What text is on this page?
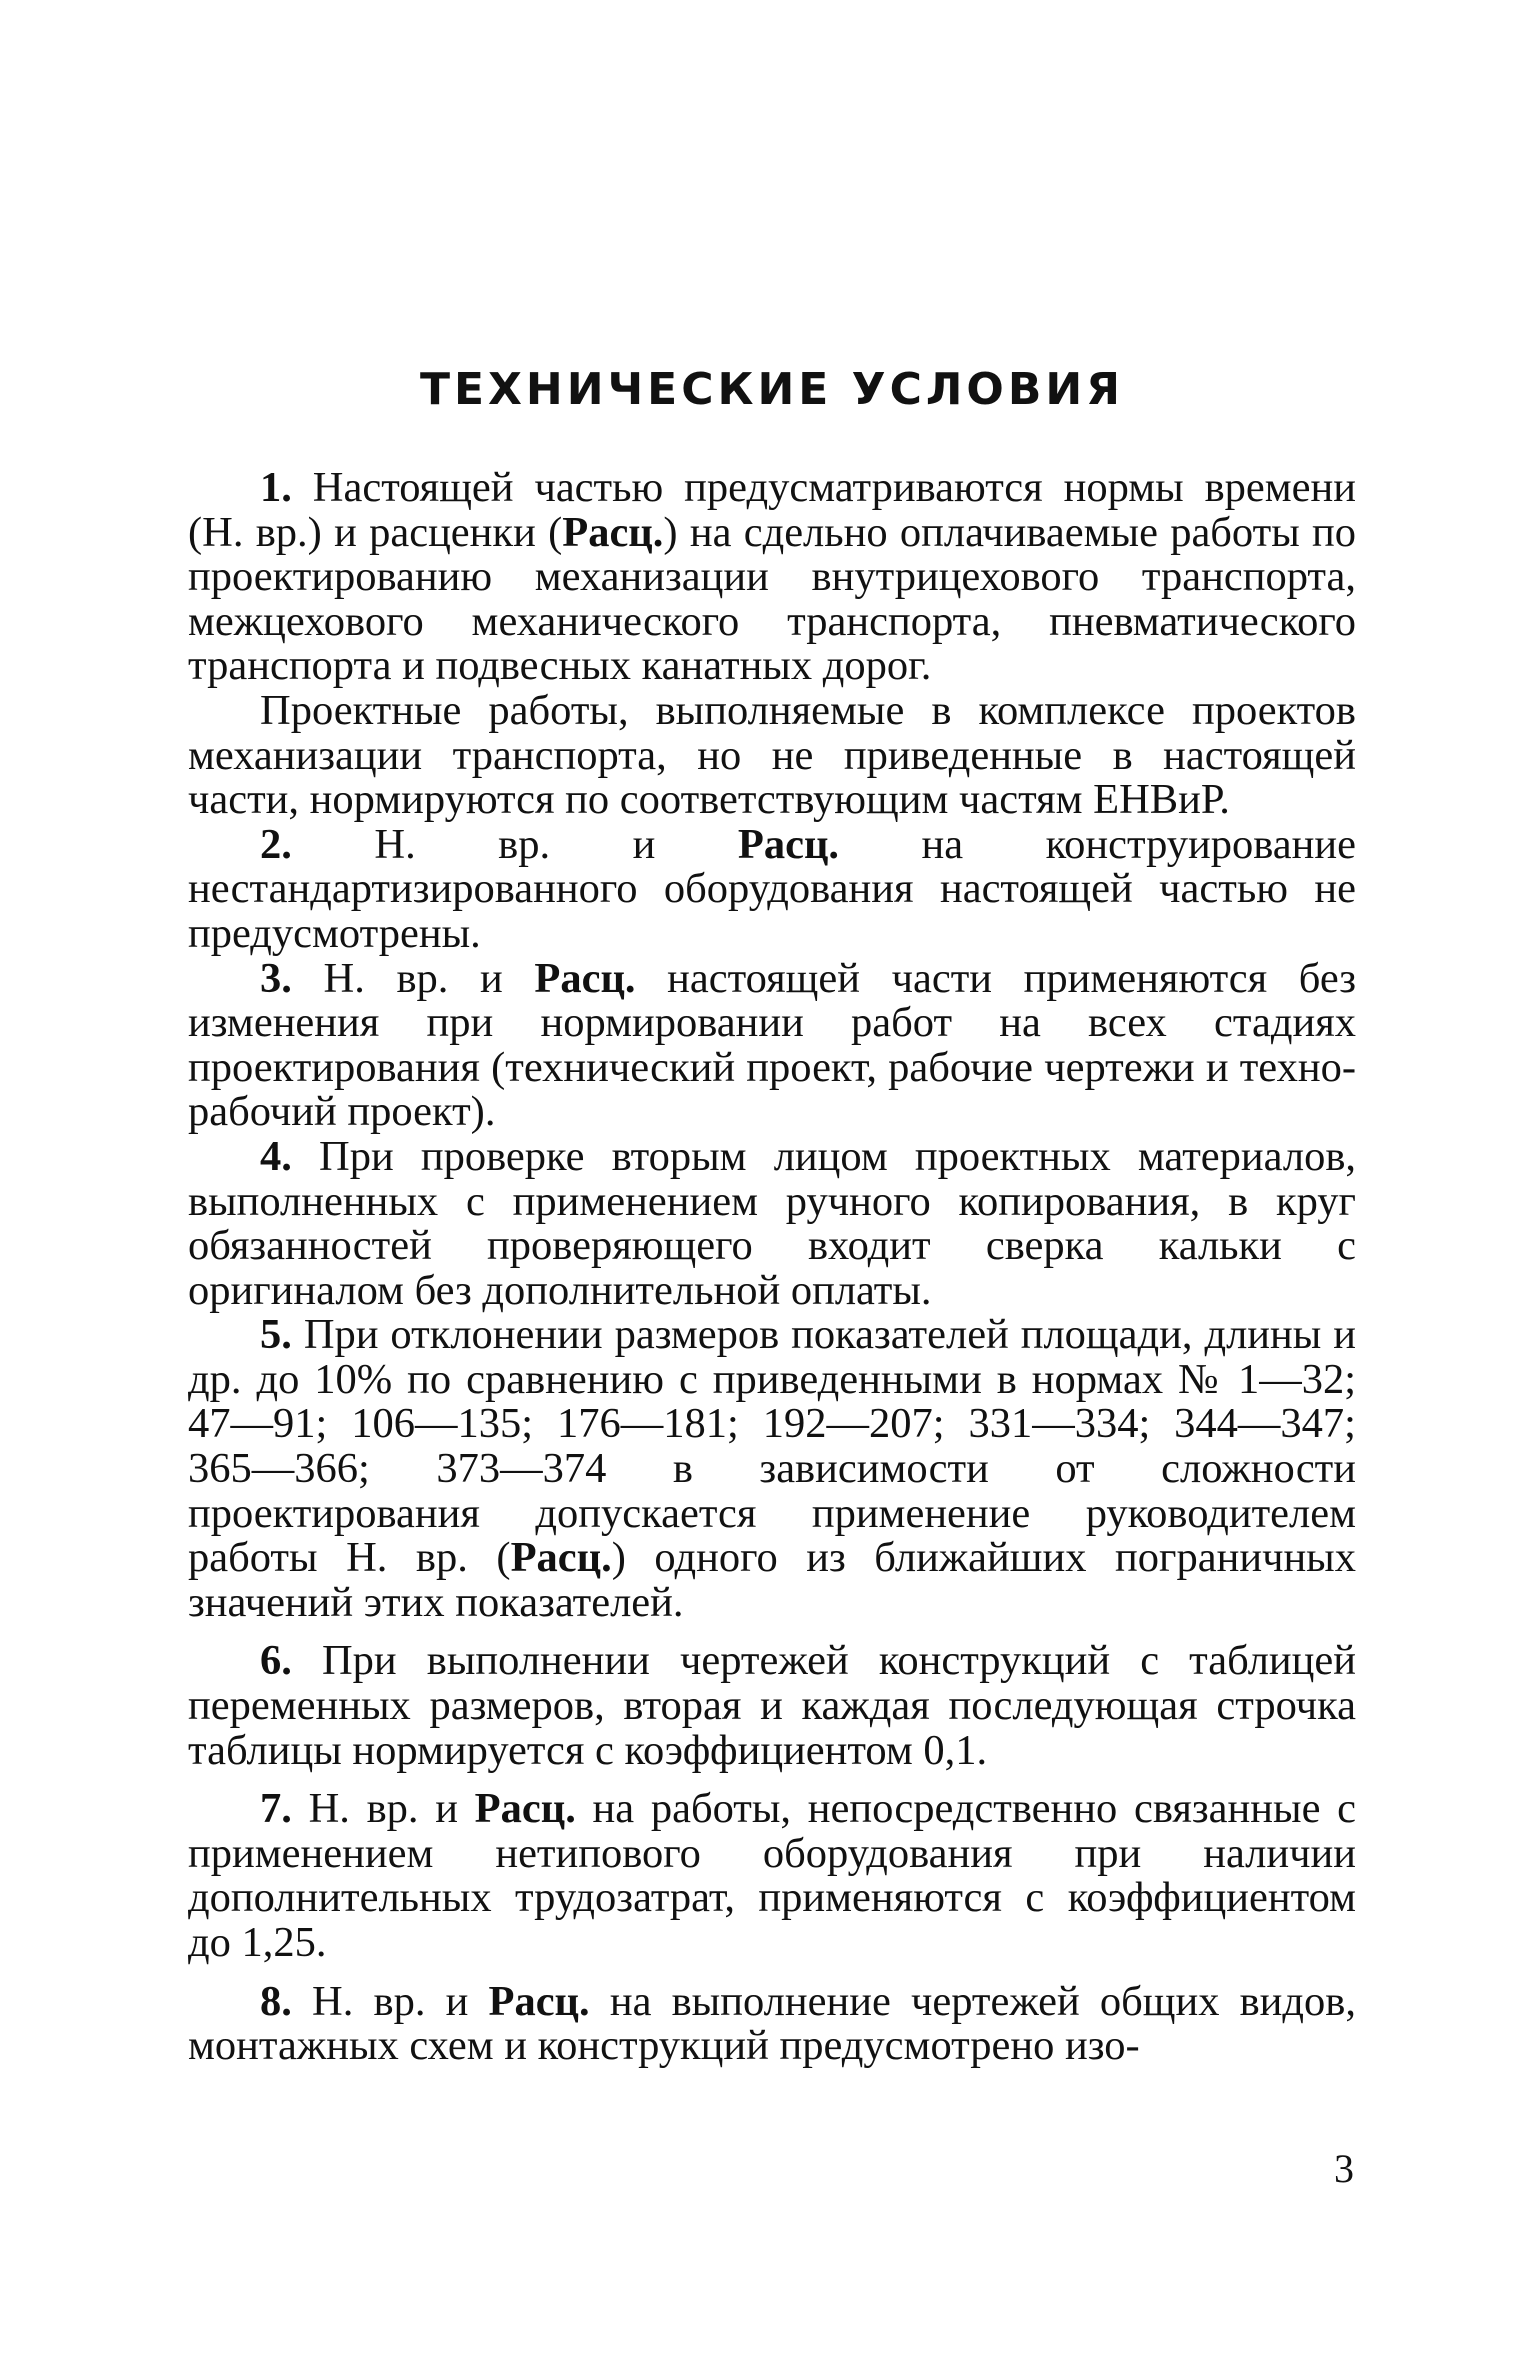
ТЕХНИЧЕСКИЕ УСЛОВИЯ

1. Настоящей частью предусматриваются нормы времени (Н. вр.) и расценки (Расц.) на сдельно оплачиваемые работы по проектированию механизации внутрицехового транспорта, межцехового механического транспорта, пневматического транспорта и подвесных канатных дорог.

Проектные работы, выполняемые в комплексе проектов механизации транспорта, но не приведенные в настоящей части, нормируются по соответствующим частям ЕНВиР.

2. Н. вр. и Расц. на конструирование нестандартизированного оборудования настоящей частью не предусмотрены.

3. Н. вр. и Расц. настоящей части применяются без изменения при нормировании работ на всех стадиях проектирования (технический проект, рабочие чертежи и техно-рабочий проект).

4. При проверке вторым лицом проектных материалов, выполненных с применением ручного копирования, в круг обязанностей проверяющего входит сверка кальки с оригиналом без дополнительной оплаты.

5. При отклонении размеров показателей площади, длины и др. до 10% по сравнению с приведенными в нормах № 1—32; 47—91; 106—135; 176—181; 192—207; 331—334; 344—347; 365—366; 373—374 в зависимости от сложности проектирования допускается применение руководителем работы Н. вр. (Расц.) одного из ближайших пограничных значений этих показателей.

6. При выполнении чертежей конструкций с таблицей переменных размеров, вторая и каждая последующая строчка таблицы нормируется с коэффициентом 0,1.

7. Н. вр. и Расц. на работы, непосредственно связанные с применением нетипового оборудования при наличии дополнительных трудозатрат, применяются с коэффициентом до 1,25.

8. Н. вр. и Расц. на выполнение чертежей общих видов, монтажных схем и конструкций предусмотрено изо-

3
